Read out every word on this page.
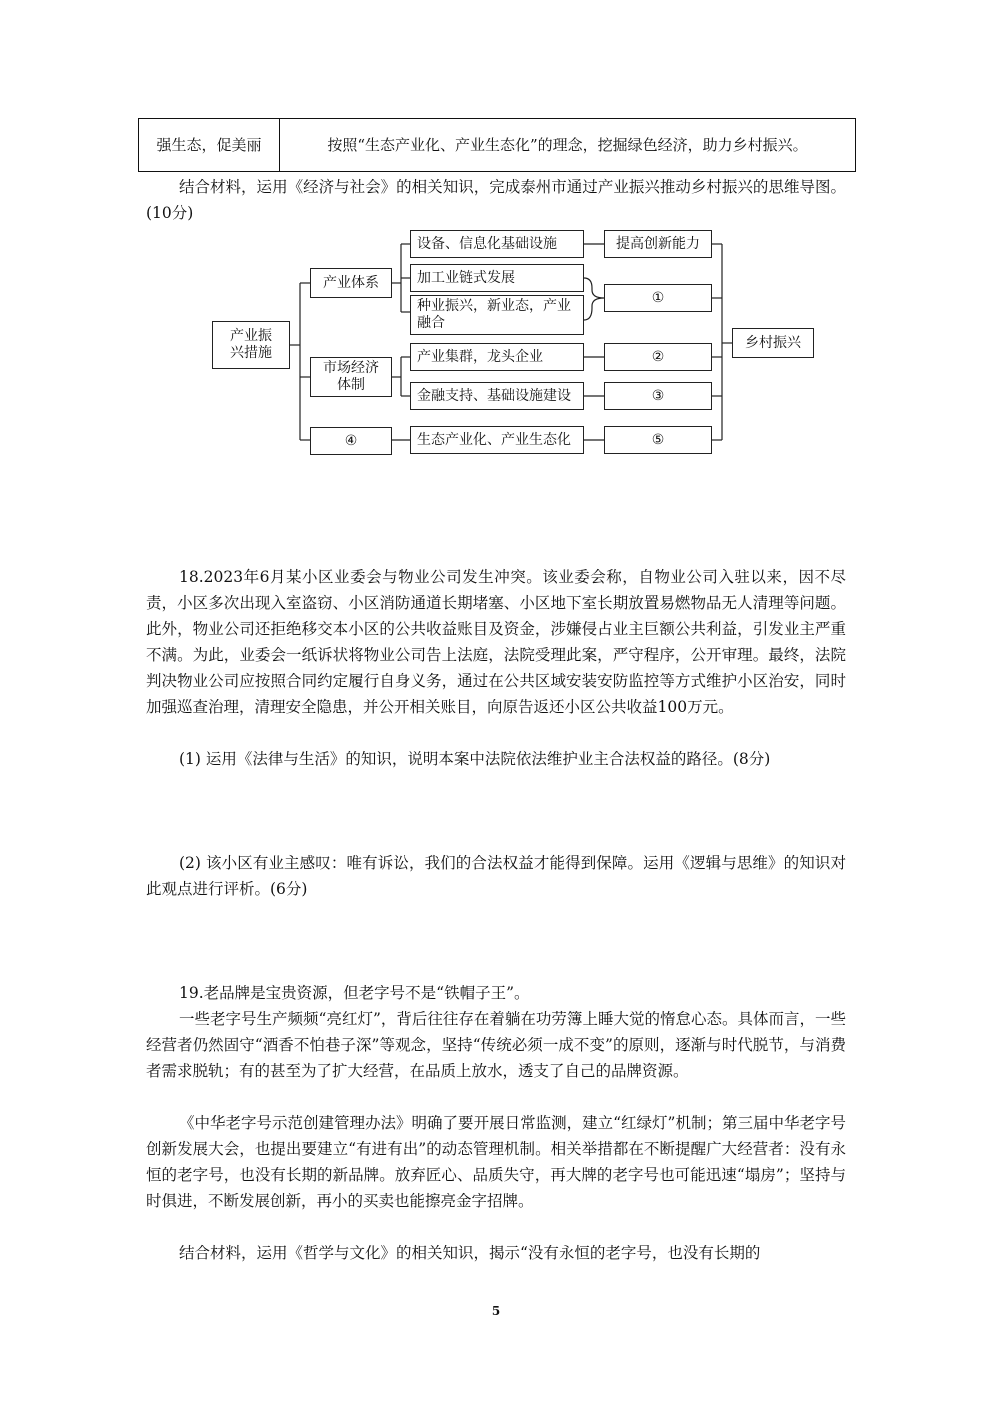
强生态，促美丽	按照“生态产业化、产业生态化”的理念，挖掘绿色经济，助力乡村振兴。
结合材料，运用《经济与社会》的相关知识，完成泰州市通过产业振兴推动乡村振兴的思维导图。(10分)
产业振兴措施
产业体系
市场经济体制
④
设备、信息化基础设施
加工业链式发展
种业振兴，新业态，产业融合
产业集群，龙头企业
金融支持、基础设施建设
生态产业化、产业生态化
提高创新能力
①
②
③
⑤
乡村振兴
18.2023年6月某小区业委会与物业公司发生冲突。该业委会称，自物业公司入驻以来，因不尽责，小区多次出现入室盗窃、小区消防通道长期堵塞、小区地下室长期放置易燃物品无人清理等问题。此外，物业公司还拒绝移交本小区的公共收益账目及资金，涉嫌侵占业主巨额公共利益，引发业主严重不满。为此，业委会一纸诉状将物业公司告上法庭，法院受理此案，严守程序，公开审理。最终，法院判决物业公司应按照合同约定履行自身义务，通过在公共区域安装安防监控等方式维护小区治安，同时加强巡查治理，清理安全隐患，并公开相关账目，向原告返还小区公共收益100万元。
(1) 运用《法律与生活》的知识，说明本案中法院依法维护业主合法权益的路径。(8分)
(2) 该小区有业主感叹：唯有诉讼，我们的合法权益才能得到保障。运用《逻辑与思维》的知识对此观点进行评析。(6分)
19.老品牌是宝贵资源，但老字号不是“铁帽子王”。
一些老字号生产频频“亮红灯”，背后往往存在着躺在功劳簿上睡大觉的惰怠心态。具体而言，一些经营者仍然固守“酒香不怕巷子深”等观念，坚持“传统必须一成不变”的原则，逐渐与时代脱节，与消费者需求脱轨；有的甚至为了扩大经营，在品质上放水，透支了自己的品牌资源。
《中华老字号示范创建管理办法》明确了要开展日常监测，建立“红绿灯”机制；第三届中华老字号创新发展大会，也提出要建立“有进有出”的动态管理机制。相关举措都在不断提醒广大经营者：没有永恒的老字号，也没有长期的新品牌。放弃匠心、品质失守，再大牌的老字号也可能迅速“塌房”；坚持与时俱进，不断发展创新，再小的买卖也能擦亮金字招牌。
结合材料，运用《哲学与文化》的相关知识，揭示“没有永恒的老字号，也没有长期的
5
